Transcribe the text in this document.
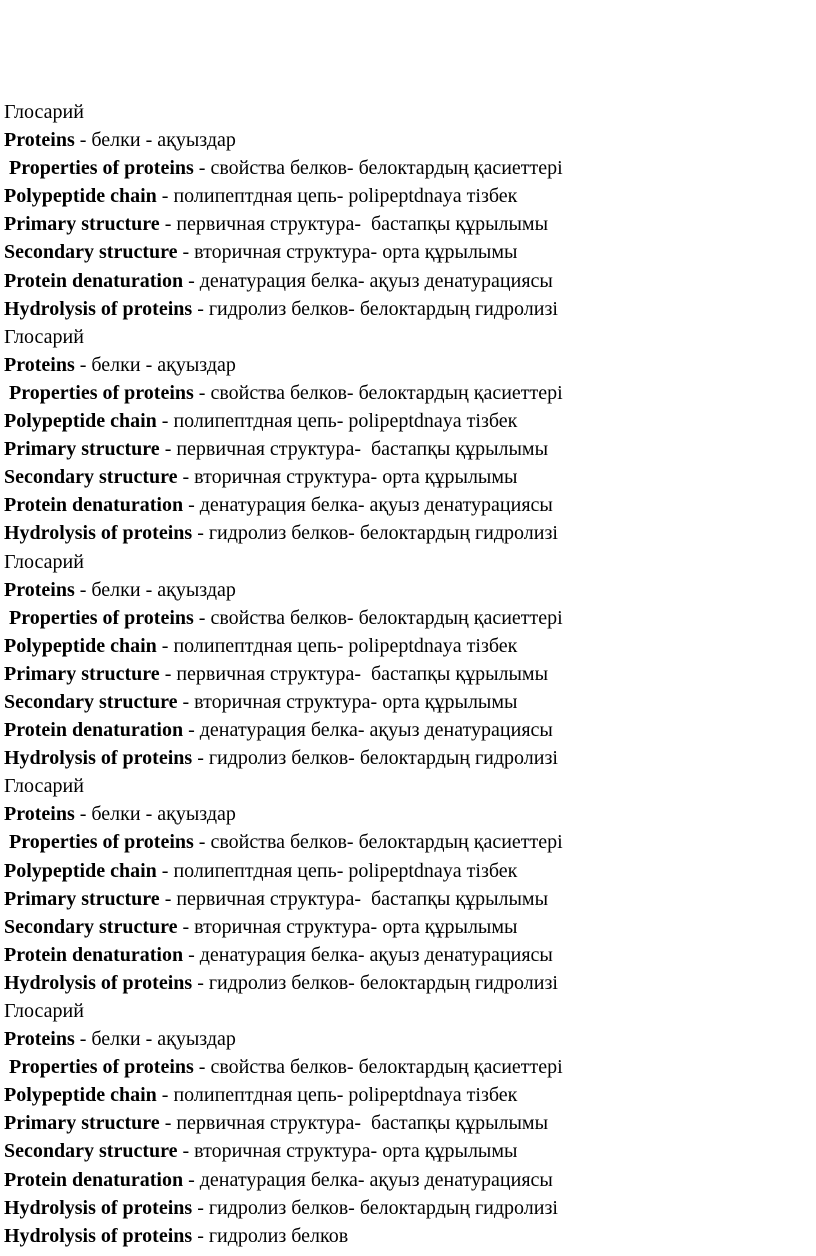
Глосарий
Proteins - белки - ақуыздар
Properties of proteins - свойства белков- белоктардың қасиеттері
Polypeptide chain - полипептдная цепь- polipeptdnaya тізбек
Primary structure - первичная структура-  бастапқы құрылымы
Secondary structure - вторичная структура- орта құрылымы
Protein denaturation - денатурация белка- ақуыз денатурациясы
Hydrolysis of proteins - гидролиз белков- белоктардың гидролизі
Глосарий
Proteins - белки - ақуыздар
Properties of proteins - свойства белков- белоктардың қасиеттері
Polypeptide chain - полипептдная цепь- polipeptdnaya тізбек
Primary structure - первичная структура-  бастапқы құрылымы
Secondary structure - вторичная структура- орта құрылымы
Protein denaturation - денатурация белка- ақуыз денатурациясы
Hydrolysis of proteins - гидролиз белков- белоктардың гидролизі
Глосарий
Proteins - белки - ақуыздар
Properties of proteins - свойства белков- белоктардың қасиеттері
Polypeptide chain - полипептдная цепь- polipeptdnaya тізбек
Primary structure - первичная структура-  бастапқы құрылымы
Secondary structure - вторичная структура- орта құрылымы
Protein denaturation - денатурация белка- ақуыз денатурациясы
Hydrolysis of proteins - гидролиз белков- белоктардың гидролизі
Глосарий
Proteins - белки - ақуыздар
Properties of proteins - свойства белков- белоктардың қасиеттері
Polypeptide chain - полипептдная цепь- polipeptdnaya тізбек
Primary structure - первичная структура-  бастапқы құрылымы
Secondary structure - вторичная структура- орта құрылымы
Protein denaturation - денатурация белка- ақуыз денатурациясы
Hydrolysis of proteins - гидролиз белков- белоктардың гидролизі
Глосарий
Proteins - белки - ақуыздар
Properties of proteins - свойства белков- белоктардың қасиеттері
Polypeptide chain - полипептдная цепь- polipeptdnaya тізбек
Primary structure - первичная структура-  бастапқы құрылымы
Secondary structure - вторичная структура- орта құрылымы
Protein denaturation - денатурация белка- ақуыз денатурациясы
Hydrolysis of proteins - гидролиз белков- белоктардың гидролизі
Hydrolysis of proteins - гидролиз белков
